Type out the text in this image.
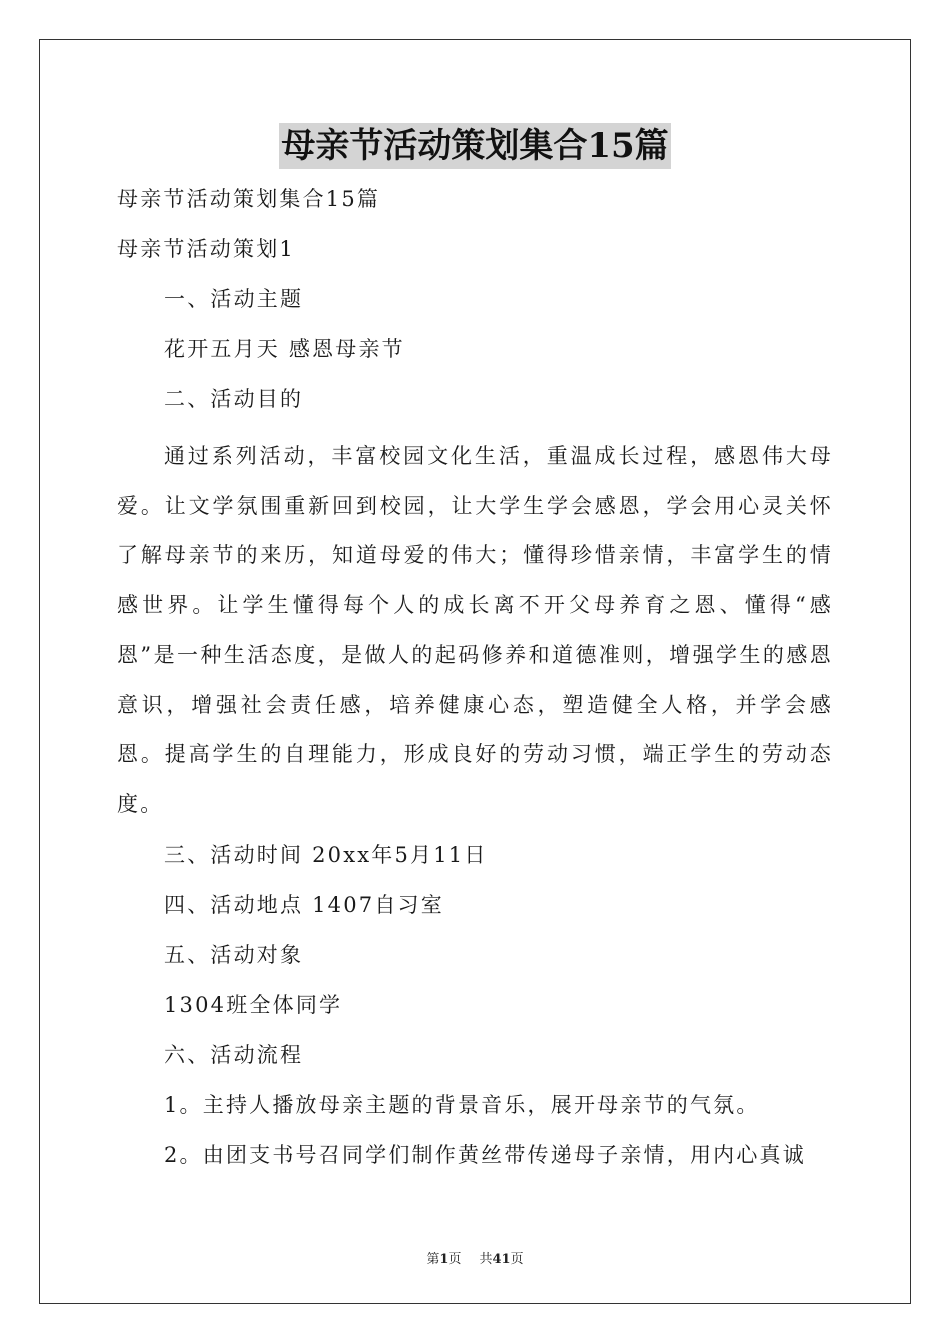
母亲节活动策划集合15篇
母亲节活动策划集合15篇
母亲节活动策划1
一、活动主题
花开五月天 感恩母亲节
二、活动目的
通过系列活动，丰富校园文化生活，重温成长过程，感恩伟大母爱。让文学氛围重新回到校园，让大学生学会感恩，学会用心灵关怀了解母亲节的来历，知道母爱的伟大；懂得珍惜亲情，丰富学生的情感世界。让学生懂得每个人的成长离不开父母养育之恩、懂得“感恩”是一种生活态度，是做人的起码修养和道德准则，增强学生的感恩意识，增强社会责任感，培养健康心态，塑造健全人格，并学会感恩。提高学生的自理能力，形成良好的劳动习惯，端正学生的劳动态度。
三、活动时间 20xx年5月11日
四、活动地点 1407自习室
五、活动对象
1304班全体同学
六、活动流程
1。主持人播放母亲主题的背景音乐，展开母亲节的气氛。
2。由团支书号召同学们制作黄丝带传递母子亲情，用内心真诚
第1页 共41页
